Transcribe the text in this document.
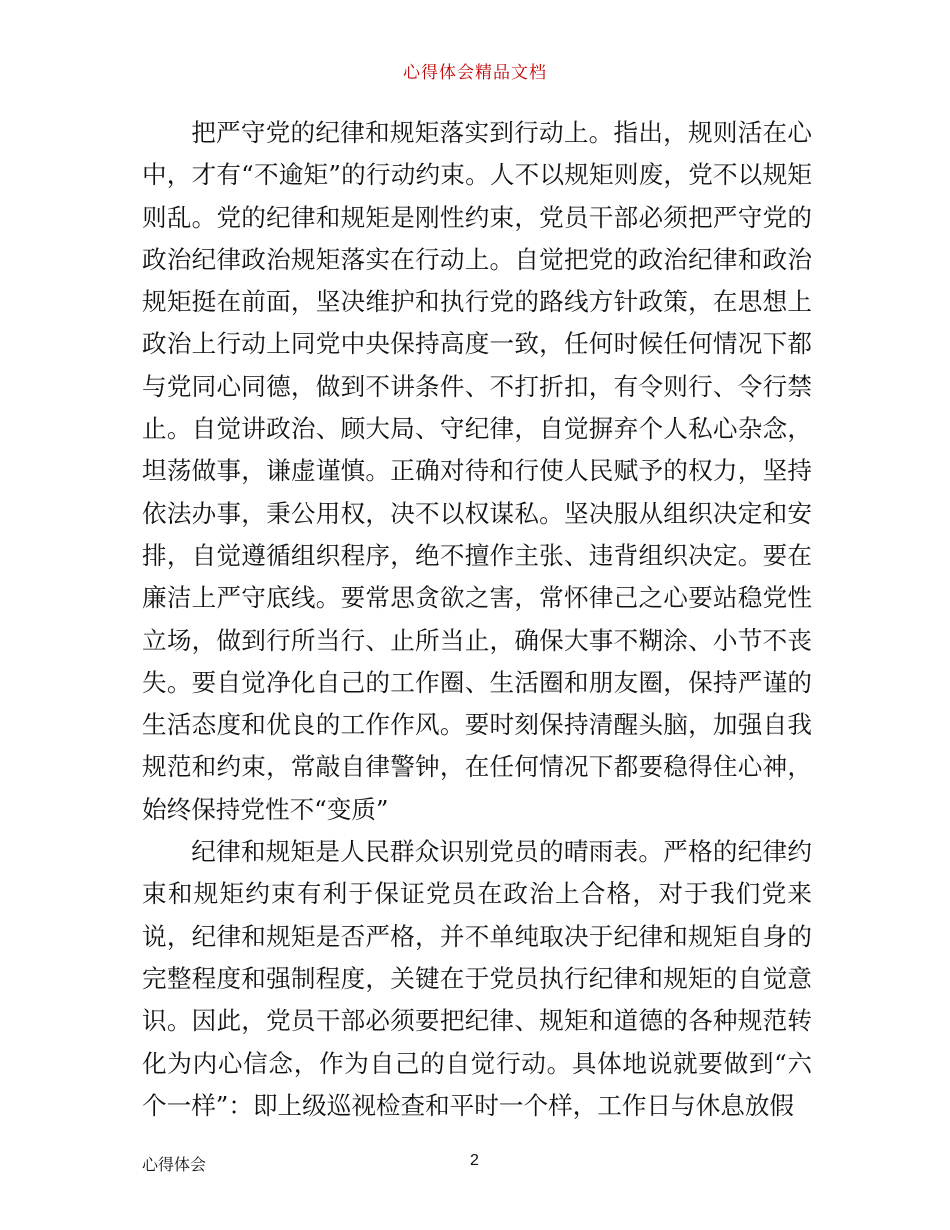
心得体会精品文档

把严守党的纪律和规矩落实到行动上。指出，规则活在心中，才有“不逾矩”的行动约束。人不以规矩则废，党不以规矩则乱。党的纪律和规矩是刚性约束，党员干部必须把严守党的政治纪律政治规矩落实在行动上。自觉把党的政治纪律和政治规矩挺在前面，坚决维护和执行党的路线方针政策，在思想上政治上行动上同党中央保持高度一致，任何时候任何情况下都与党同心同德，做到不讲条件、不打折扣，有令则行、令行禁止。自觉讲政治、顾大局、守纪律，自觉摒弃个人私心杂念，坦荡做事，谦虚谨慎。正确对待和行使人民赋予的权力，坚持依法办事，秉公用权，决不以权谋私。坚决服从组织决定和安排，自觉遵循组织程序，绝不擅作主张、违背组织决定。要在廉洁上严守底线。要常思贪欲之害，常怀律己之心要站稳党性立场，做到行所当行、止所当止，确保大事不糊涂、小节不丧失。要自觉净化自己的工作圈、生活圈和朋友圈，保持严谨的生活态度和优良的工作作风。要时刻保持清醒头脑，加强自我规范和约束，常敲自律警钟，在任何情况下都要稳得住心神，始终保持党性不“变质”

纪律和规矩是人民群众识别党员的晴雨表。严格的纪律约束和规矩约束有利于保证党员在政治上合格，对于我们党来说，纪律和规矩是否严格，并不单纯取决于纪律和规矩自身的完整程度和强制程度，关键在于党员执行纪律和规矩的自觉意识。因此，党员干部必须要把纪律、规矩和道德的各种规范转化为内心信念，作为自己的自觉行动。具体地说就要做到“六个一样”：即上级巡视检查和平时一个样，工作日与休息放假

心得体会	2
